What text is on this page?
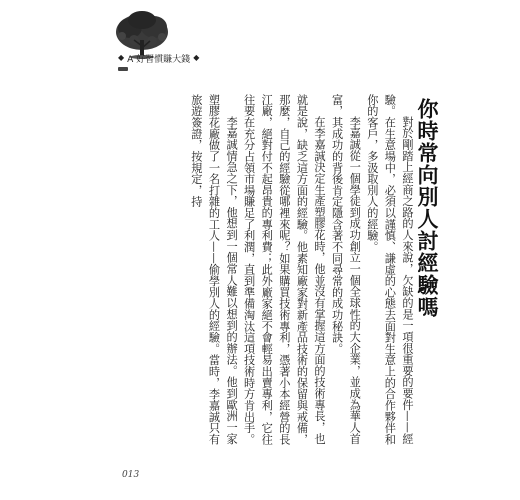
◆ A 好習慣賺大錢 ◆
你時常向別人討經驗嗎

對於剛踏上經商之路的人來說，欠缺的是一項很重要的要件——經驗。在生意場中，必須以謹慎、謙虛的心態去面對生意上的合作夥伴和你的客戶，多汲取別人的經驗。

李嘉誠從一個學徒到成功創立一個全球性的大企業，並成為華人首富，其成功的背後肯定隱含著不同尋常的成功秘訣。

在李嘉誠決定生產塑膠花時，他並沒有掌握這方面的技術專長，也就是說，缺乏這方面的經驗。他素知廠家對新產品技術的保留與戒備，那麼，自己的經驗從哪裡來呢？如果購買技術專利，憑著小本經營的長江廠，絕對付不起昂貴的專利費；此外廠家絕不會輕易出賣專利，它往往要在充分占領市場賺足了利潤，直到準備淘汰這項技術時方肯出手。

李嘉誠情急之下，他想到一個常人難以想到的辦法。他到歐洲一家塑膠花廠做了一名打雜的工人——偷學別人的經驗。當時，李嘉誠只有旅遊簽證，按規定，持

013
